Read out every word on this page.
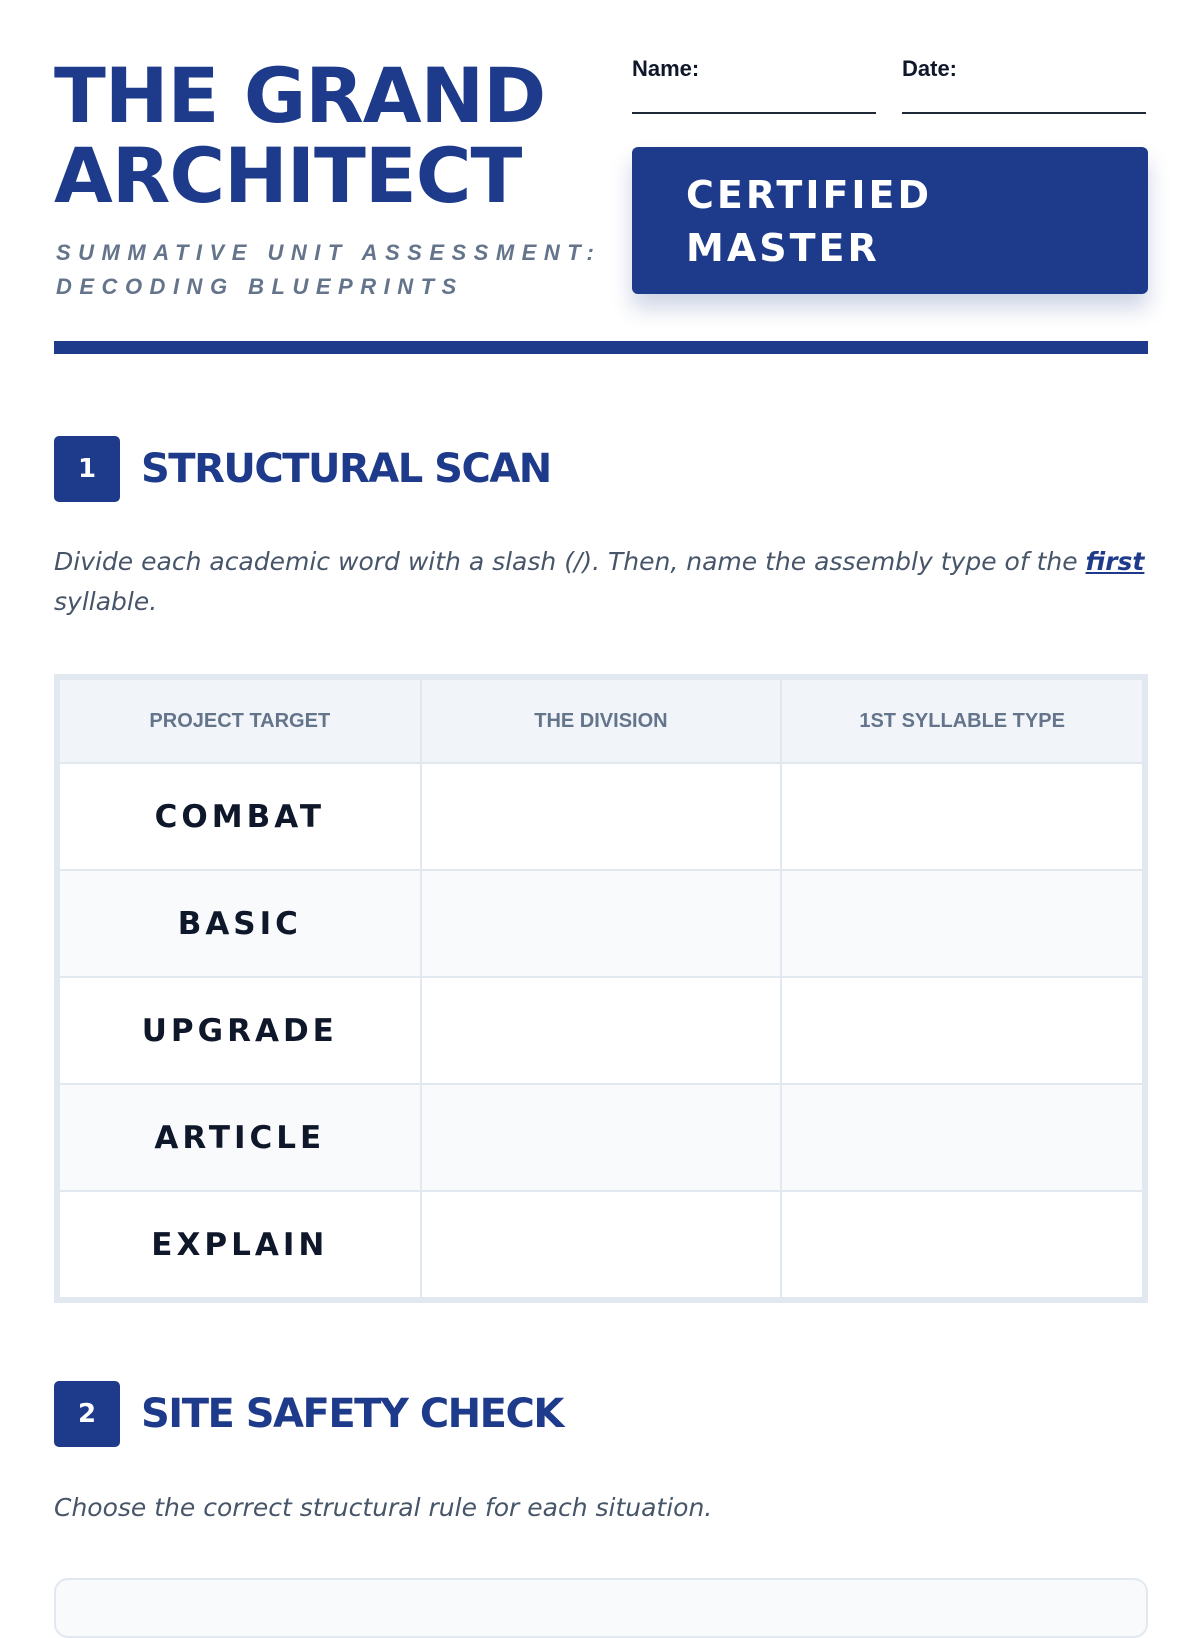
THE GRAND
ARCHITECT

SUMMATIVE UNIT ASSESSMENT:
DECODING BLUEPRINTS

Name:	Date:
CERTIFIED
MASTER
1	STRUCTURAL SCAN

Divide each academic word with a slash (/). Then, name the assembly type of the first syllable.

PROJECT TARGET	THE DIVISION	1ST SYLLABLE TYPE
COMBAT		
BASIC		
UPGRADE		
ARTICLE		
EXPLAIN		
2	SITE SAFETY CHECK

Choose the correct structural rule for each situation.
